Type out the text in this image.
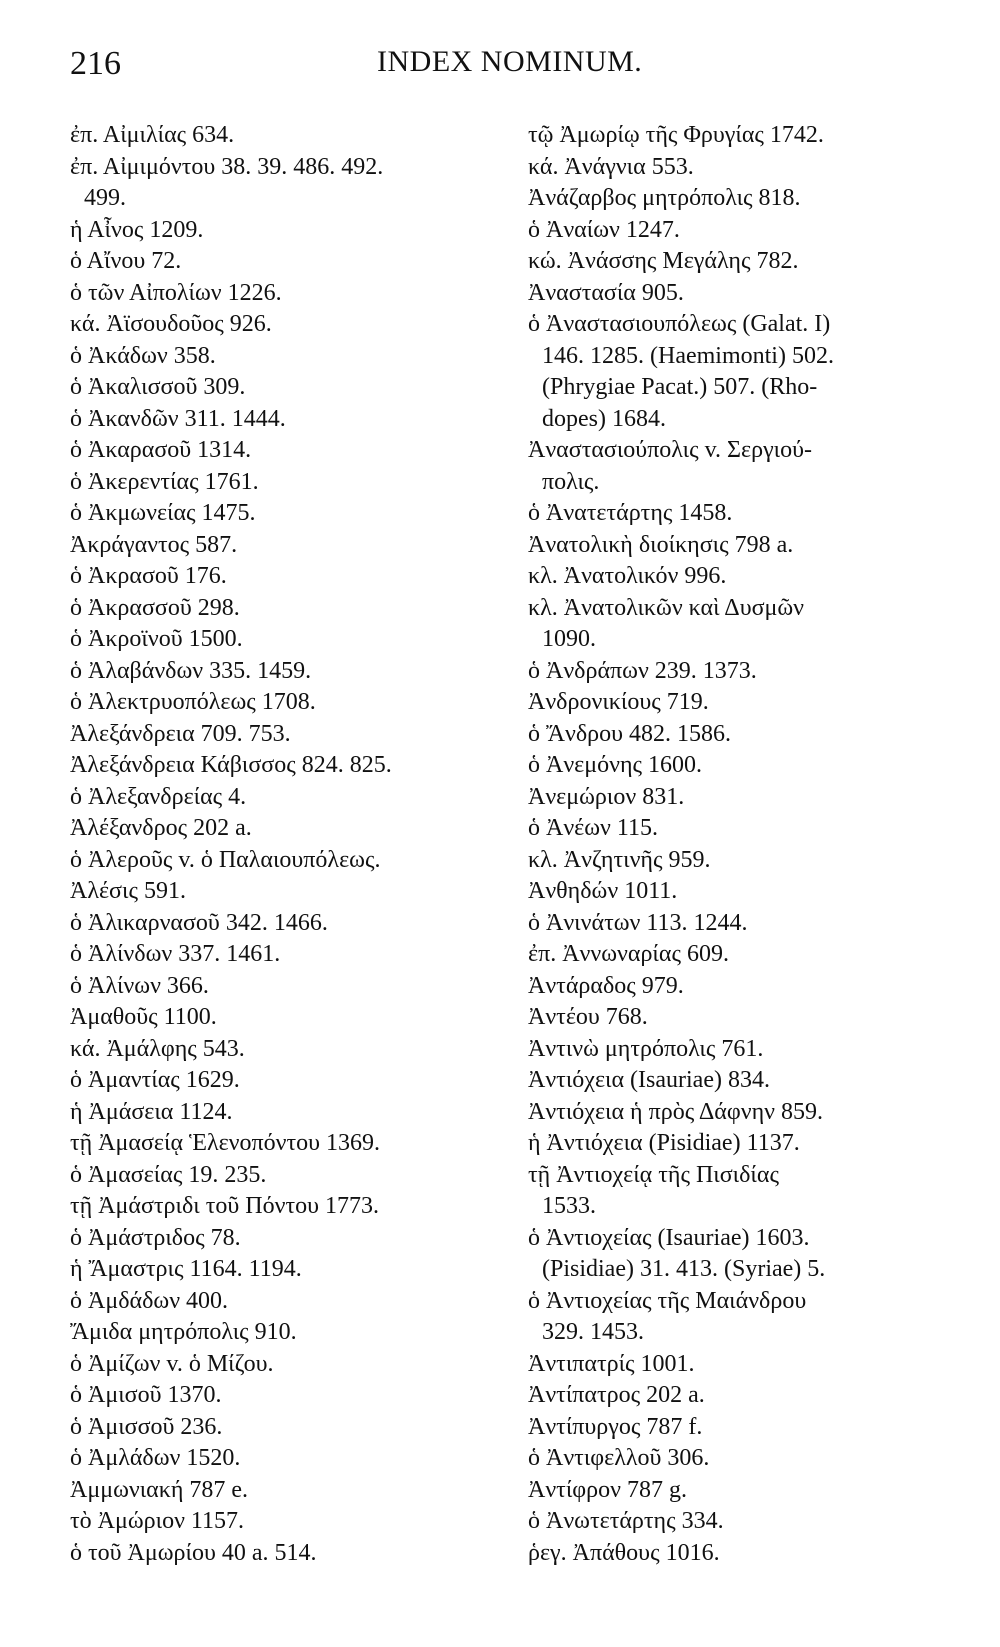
216	INDEX NOMINUM.
ἐπ. Αἰμιλίας 634.
ἐπ. Αἰμιμόντου 38. 39. 486. 492.
499.
ἡ Αἶνος 1209.
ὁ Αἴνου 72.
ὁ τῶν Αἰπολίων 1226.
κά. Ἀϊσουδοῦος 926.
ὁ Ἀκάδων 358.
ὁ Ἀκαλισσοῦ 309.
ὁ Ἀκανδῶν 311. 1444.
ὁ Ἀκαρασοῦ 1314.
ὁ Ἀκερεντίας 1761.
ὁ Ἀκμωνείας 1475.
Ἀκράγαντος 587.
ὁ Ἀκρασοῦ 176.
ὁ Ἀκρασσοῦ 298.
ὁ Ἀκροϊνοῦ 1500.
ὁ Ἀλαβάνδων 335. 1459.
ὁ Ἀλεκτρυοπόλεως 1708.
Ἀλεξάνδρεια 709. 753.
Ἀλεξάνδρεια Κάβισσος 824. 825.
ὁ Ἀλεξανδρείας 4.
Ἀλέξανδρος 202 a.
ὁ Ἀλεροῦς v. ὁ Παλαιουπόλεως.
Ἀλέσις 591.
ὁ Ἀλικαρνασοῦ 342. 1466.
ὁ Ἀλίνδων 337. 1461.
ὁ Ἀλίνων 366.
Ἀμαθοῦς 1100.
κά. Ἀμάλφης 543.
ὁ Ἀμαντίας 1629.
ἡ Ἀμάσεια 1124.
τῇ Ἀμασείᾳ Ἑλενοπόντου 1369.
ὁ Ἀμασείας 19. 235.
τῇ Ἀμάστριδι τοῦ Πόντου 1773.
ὁ Ἀμάστριδος 78.
ἡ Ἄμαστρις 1164. 1194.
ὁ Ἀμδάδων 400.
Ἄμιδα μητρόπολις 910.
ὁ Ἀμίζων v. ὁ Μίζου.
ὁ Ἀμισοῦ 1370.
ὁ Ἀμισσοῦ 236.
ὁ Ἀμλάδων 1520.
Ἀμμωνιακή 787 e.
τὸ Ἀμώριον 1157.
ὁ τοῦ Ἀμωρίου 40 a. 514.
τῷ Ἀμωρίῳ τῆς Φρυγίας 1742.
κά. Ἀνάγνια 553.
Ἀνάζαρβος μητρόπολις 818.
ὁ Ἀναίων 1247.
κώ. Ἀνάσσης Μεγάλης 782.
Ἀναστασία 905.
ὁ Ἀναστασιουπόλεως (Galat. I)
146. 1285. (Haemimonti) 502.
(Phrygiae Pacat.) 507. (Rho-
dopes) 1684.
Ἀναστασιούπολις v. Σεργιού-
πολις.
ὁ Ἀνατετάρτης 1458.
Ἀνατολικὴ διοίκησις 798 a.
κλ. Ἀνατολικόν 996.
κλ. Ἀνατολικῶν καὶ Δυσμῶν
1090.
ὁ Ἀνδράπων 239. 1373.
Ἀνδρονικίους 719.
ὁ Ἄνδρου 482. 1586.
ὁ Ἀνεμόνης 1600.
Ἀνεμώριον 831.
ὁ Ἀνέων 115.
κλ. Ἀνζητινῆς 959.
Ἀνθηδών 1011.
ὁ Ἀνινάτων 113. 1244.
ἐπ. Ἀννωναρίας 609.
Ἀντάραδος 979.
Ἀντέου 768.
Ἀντινὼ μητρόπολις 761.
Ἀντιόχεια (Isauriae) 834.
Ἀντιόχεια ἡ πρὸς Δάφνην 859.
ἡ Ἀντιόχεια (Pisidiae) 1137.
τῇ Ἀντιοχείᾳ τῆς Πισιδίας
1533.
ὁ Ἀντιοχείας (Isauriae) 1603.
(Pisidiae) 31. 413. (Syriae) 5.
ὁ Ἀντιοχείας τῆς Μαιάνδρου
329. 1453.
Ἀντιπατρίς 1001.
Ἀντίπατρος 202 a.
Ἀντίπυργος 787 f.
ὁ Ἀντιφελλοῦ 306.
Ἀντίφρον 787 g.
ὁ Ἀνωτετάρτης 334.
ῥεγ. Ἀπάθους 1016.
